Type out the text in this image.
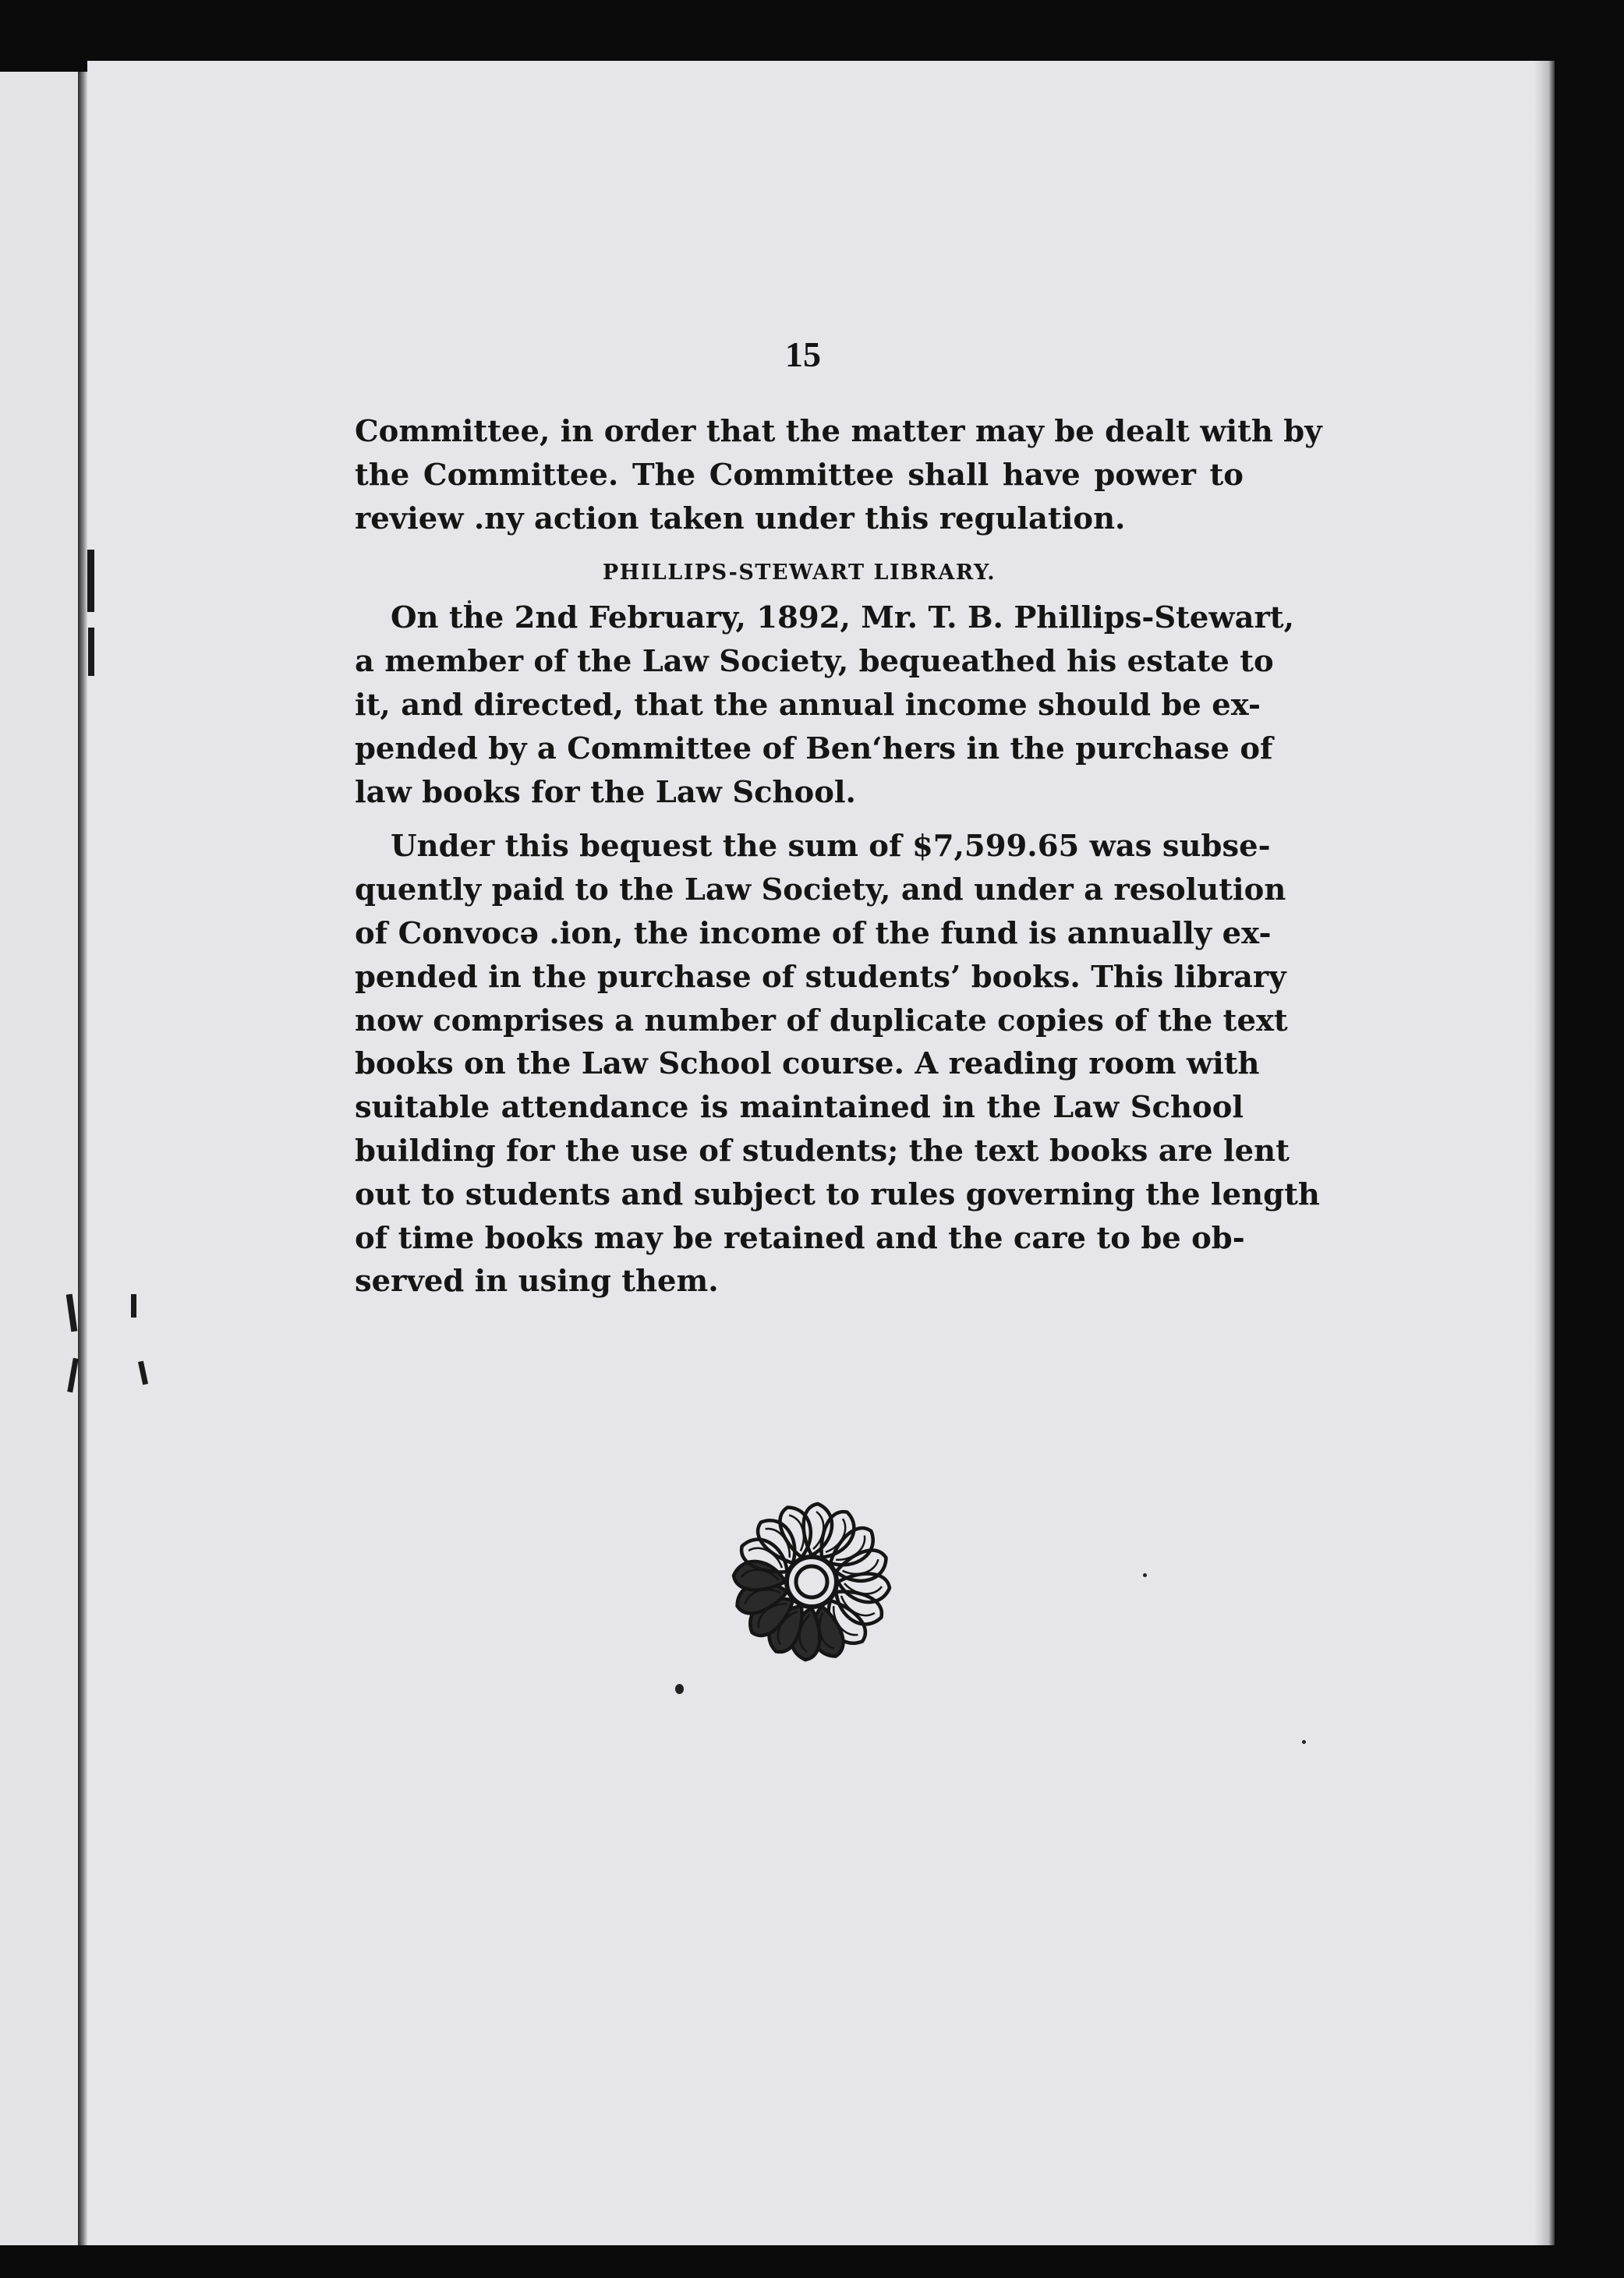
15
Committee, in order that the matter may be dealt with by
the Committee. The Committee shall have power to
review ․ny action taken under this regulation.
PHILLIPS-STEWART LIBRARY.
On the 2nd February, 1892, Mr. T. B. Phillips-Stewart,
a member of the Law Society, bequeathed his estate to
it, and directed, that the annual income should be ex-
pended by a Committee of Ben‘hers in the purchase of
law books for the Law School.
Under this bequest the sum of $7,599.65 was subse-
quently paid to the Law Society, and under a resolution
of Convocə .ion, the income of the fund is annually ex-
pended in the purchase of students’ books. This library
now comprises a number of duplicate copies of the text
books on the Law School course. A reading room with
suitable attendance is maintained in the Law School
building for the use of students; the text books are lent
out to students and subject to rules governing the length
of time books may be retained and the care to be ob-
served in using them.
